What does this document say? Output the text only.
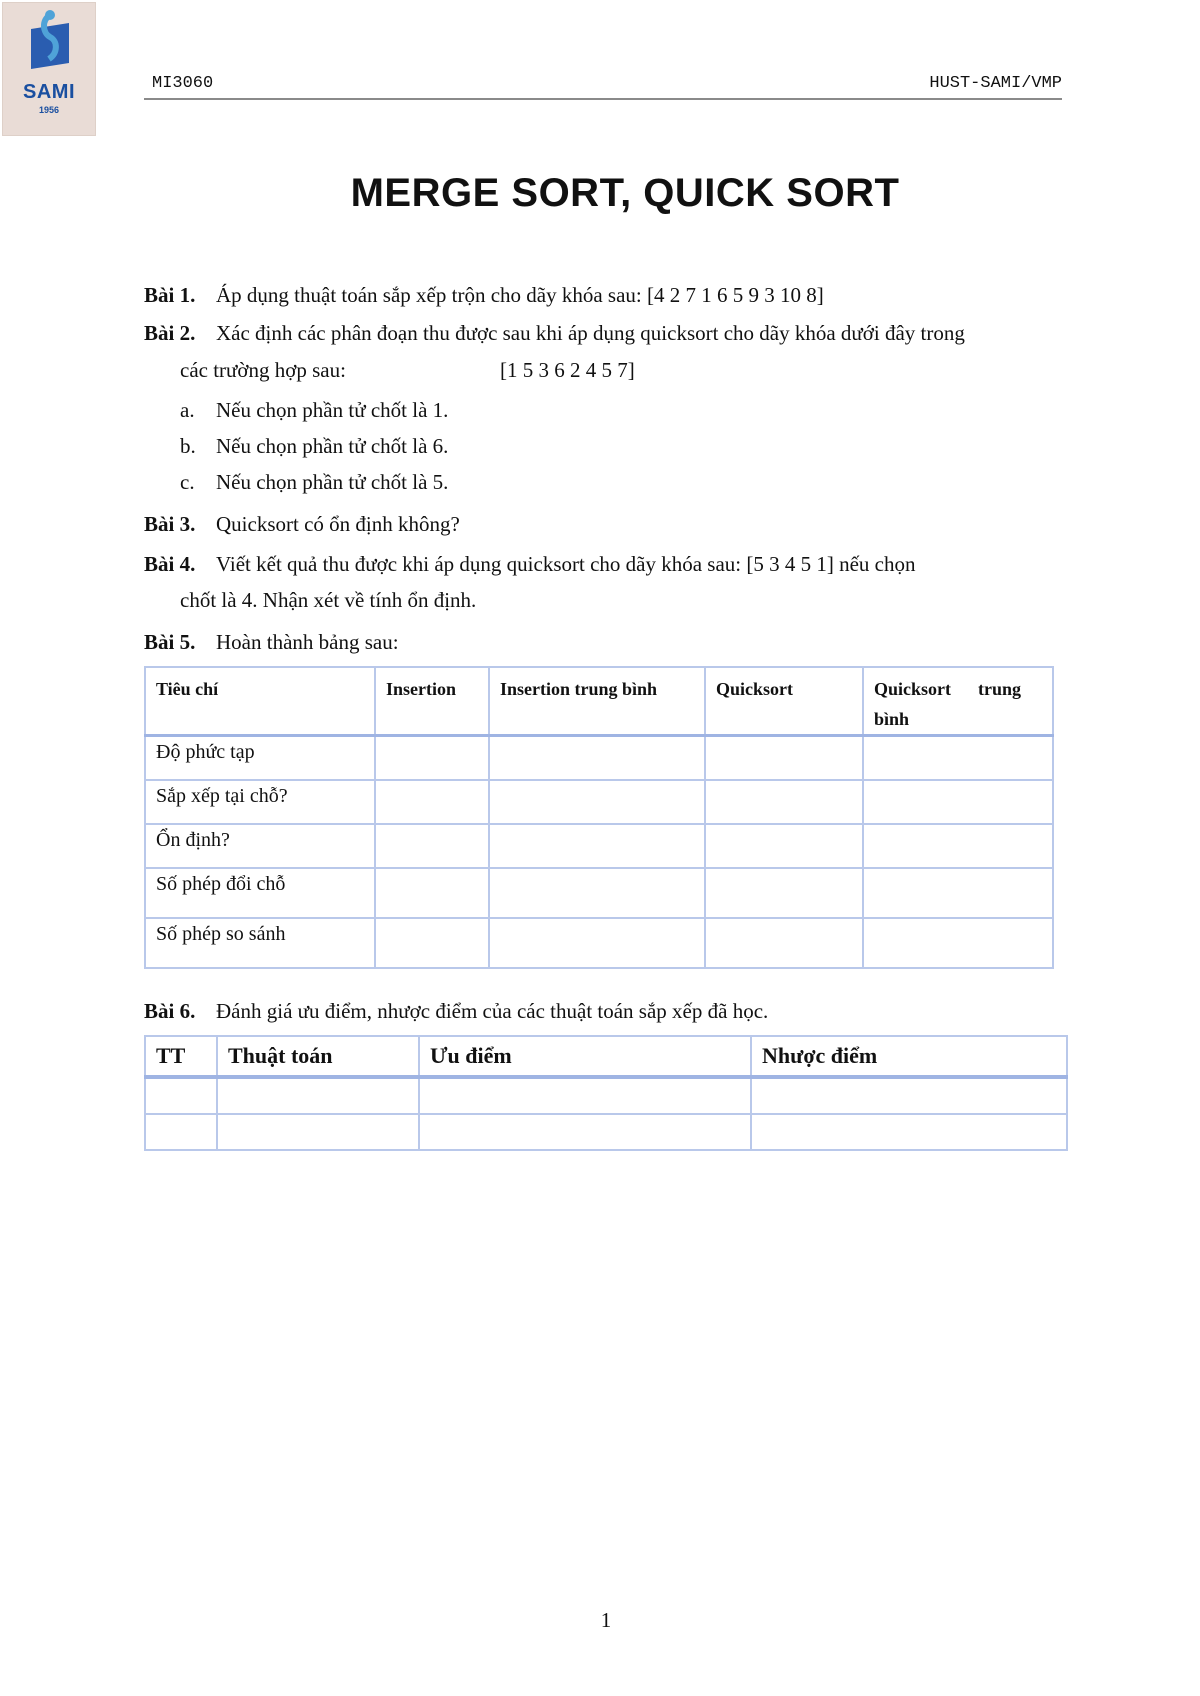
SAMI
1956
MI3060	HUST-SAMI/VMP
MERGE SORT, QUICK SORT
Bài 1. Áp dụng thuật toán sắp xếp trộn cho dãy khóa sau: [4 2 7 1 6 5 9 3 10 8]
Bài 2. Xác định các phân đoạn thu được sau khi áp dụng quicksort cho dãy khóa dưới đây trong
các trường hợp sau:	[1 5 3 6 2 4 5 7]
a. Nếu chọn phần tử chốt là 1.
b. Nếu chọn phần tử chốt là 6.
c. Nếu chọn phần tử chốt là 5.
Bài 3. Quicksort có ổn định không?
Bài 4. Viết kết quả thu được khi áp dụng quicksort cho dãy khóa sau: [5 3 4 5 1] nếu chọn
chốt là 4. Nhận xét về tính ổn định.
Bài 5. Hoàn thành bảng sau:
Tiêu chí	Insertion	Insertion trung bình	Quicksort	Quicksort      trung bình
Độ phức tạp				
Sắp xếp tại chỗ?				
Ổn định?				
Số phép đổi chỗ				
Số phép so sánh				
Bài 6. Đánh giá ưu điểm, nhược điểm của các thuật toán sắp xếp đã học.
TT	Thuật toán	Ưu điểm	Nhược điểm

1
